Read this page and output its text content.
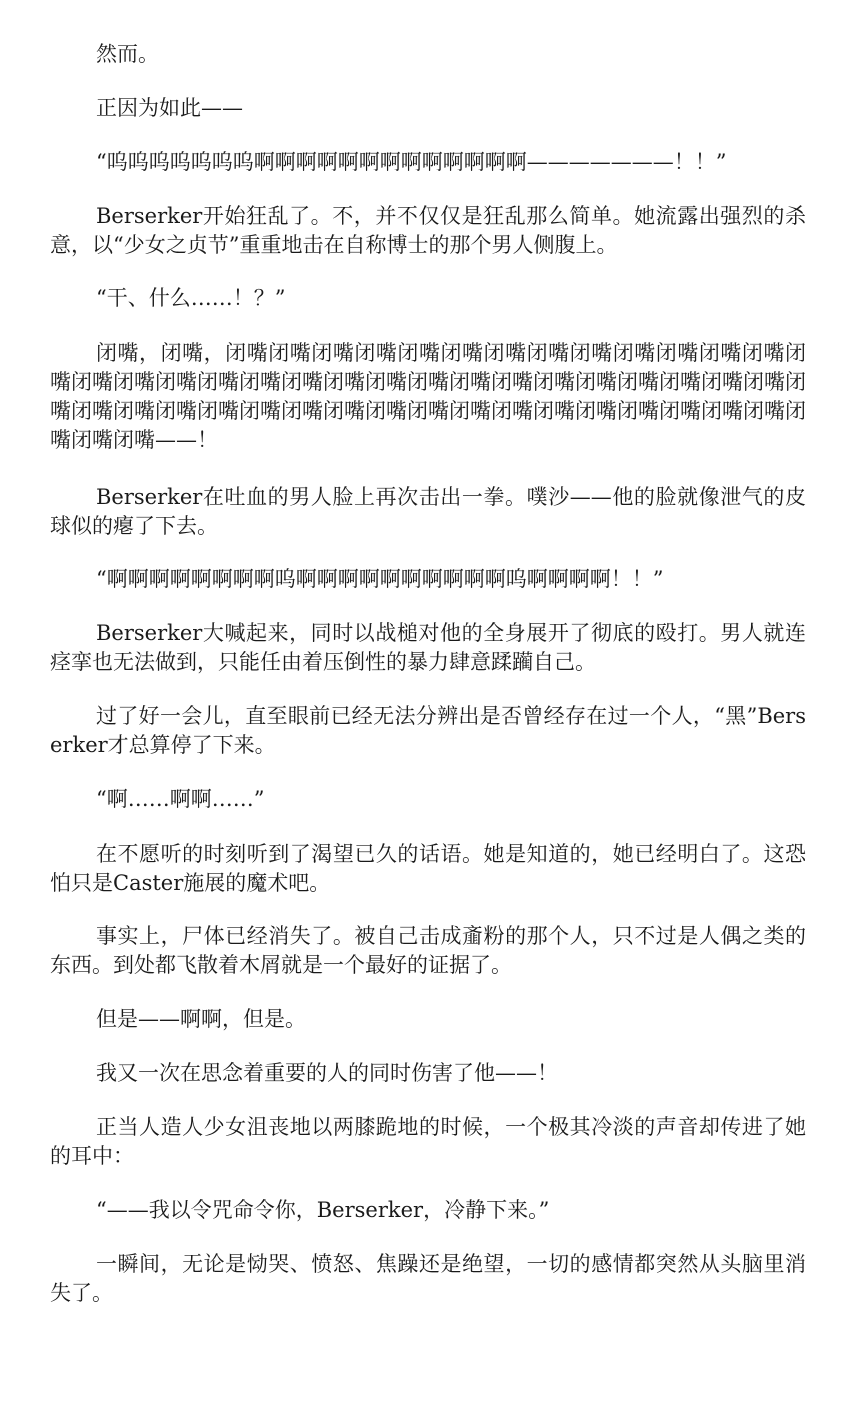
然而。

正因为如此——

“呜呜呜呜呜呜呜啊啊啊啊啊啊啊啊啊啊啊啊啊———————！！”

Berserker开始狂乱了。不，并不仅仅是狂乱那么简单。她流露出强烈的杀意，以“少女之贞节”重重地击在自称博士的那个男人侧腹上。

“干、什么……！？”

闭嘴，闭嘴，闭嘴闭嘴闭嘴闭嘴闭嘴闭嘴闭嘴闭嘴闭嘴闭嘴闭嘴闭嘴闭嘴闭嘴闭嘴闭嘴闭嘴闭嘴闭嘴闭嘴闭嘴闭嘴闭嘴闭嘴闭嘴闭嘴闭嘴闭嘴闭嘴闭嘴闭嘴闭嘴闭嘴闭嘴闭嘴闭嘴闭嘴闭嘴闭嘴闭嘴闭嘴闭嘴闭嘴闭嘴闭嘴闭嘴闭嘴闭嘴闭嘴闭嘴闭嘴闭嘴——！

Berserker在吐血的男人脸上再次击出一拳。噗沙——他的脸就像泄气的皮球似的瘪了下去。

“啊啊啊啊啊啊啊啊呜啊啊啊啊啊啊啊啊啊啊呜啊啊啊啊！！”

Berserker大喊起来，同时以战槌对他的全身展开了彻底的殴打。男人就连痉挛也无法做到，只能任由着压倒性的暴力肆意蹂躏自己。

过了好一会儿，直至眼前已经无法分辨出是否曾经存在过一个人，“黑”Berserker才总算停了下来。

“啊……啊啊……”

在不愿听的时刻听到了渴望已久的话语。她是知道的，她已经明白了。这恐怕只是Caster施展的魔术吧。

事实上，尸体已经消失了。被自己击成齑粉的那个人，只不过是人偶之类的东西。到处都飞散着木屑就是一个最好的证据了。

但是——啊啊，但是。

我又一次在思念着重要的人的同时伤害了他——！

正当人造人少女沮丧地以两膝跪地的时候，一个极其冷淡的声音却传进了她的耳中：

“——我以令咒命令你，Berserker，冷静下来。”

一瞬间，无论是恸哭、愤怒、焦躁还是绝望，一切的感情都突然从头脑里消失了。
